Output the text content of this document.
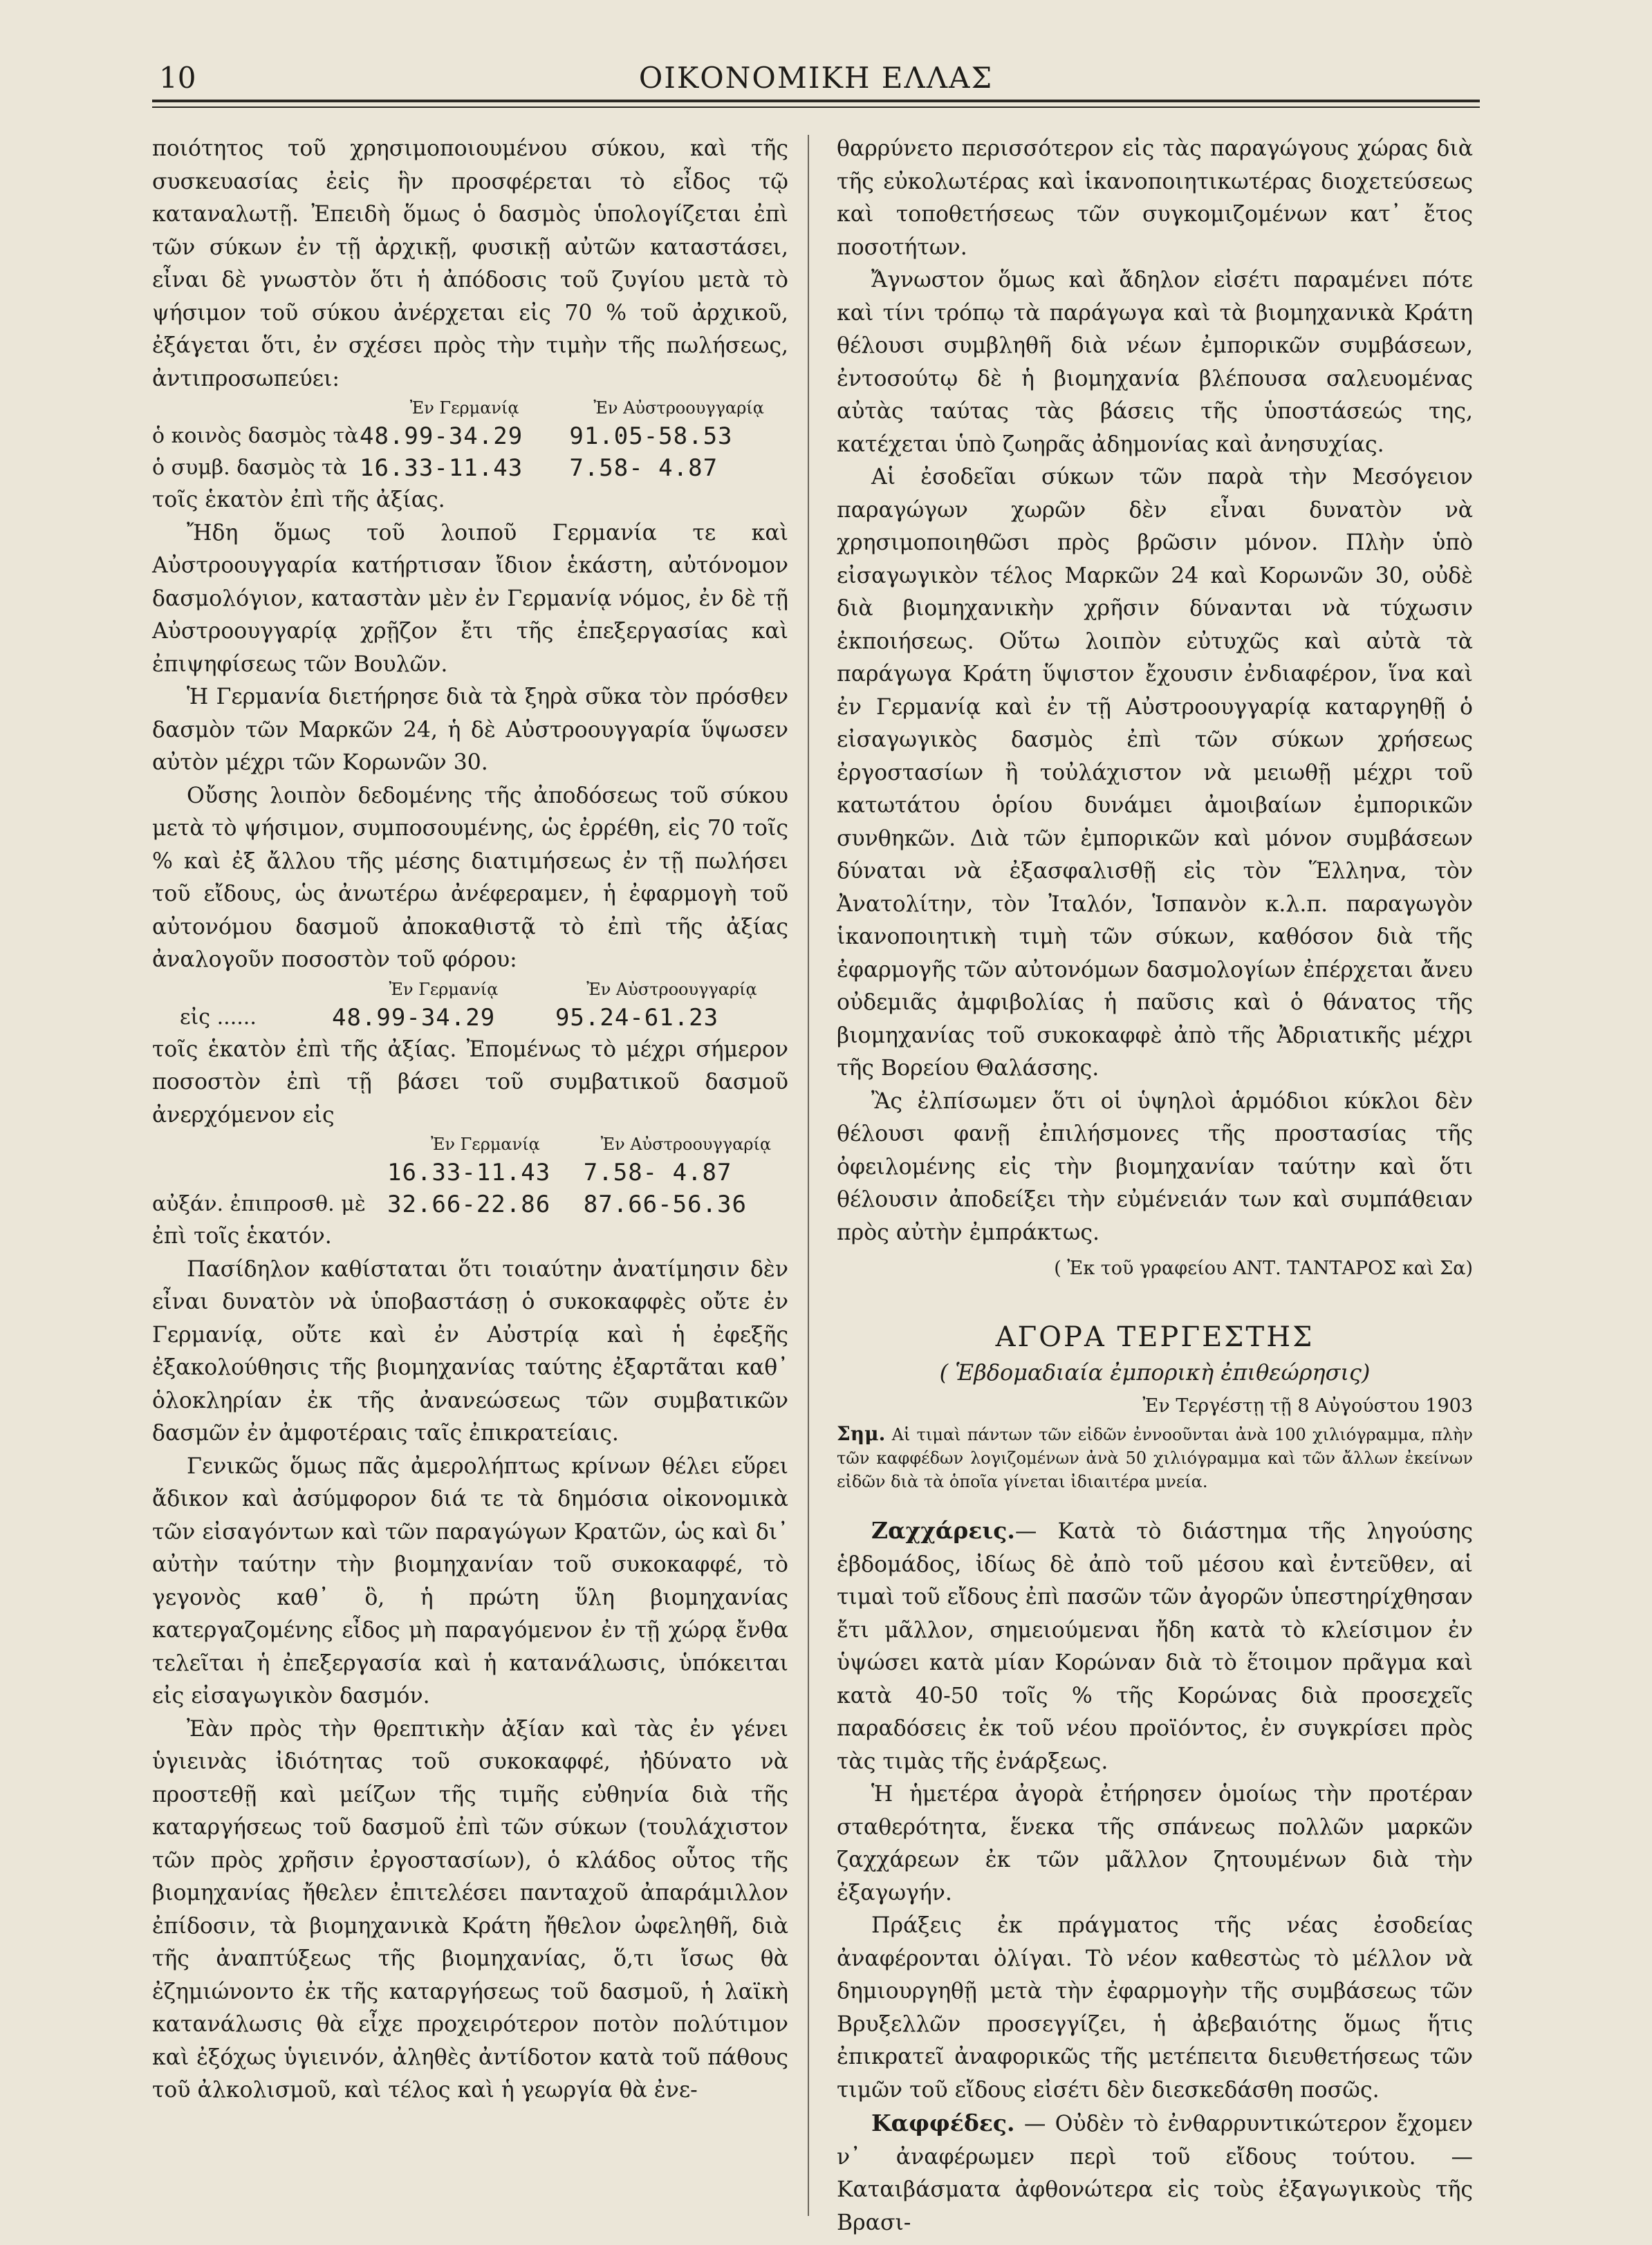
10	ΟΙΚΟΝΟΜΙΚΗ ΕΛΛΑΣ

ποιότητος τοῦ χρησιμοποιουμένου σύκου, καὶ τῆς συσκευασίας ἐεἰς ἣν προσφέρεται τὸ εἶδος τῷ καταναλωτῇ. Ἐπειδὴ ὅμως ὁ δασμὸς ὑπολογίζεται ἐπὶ τῶν σύκων ἐν τῇ ἀρχικῇ, φυσικῇ αὐτῶν καταστάσει, εἶναι δὲ γνωστὸν ὅτι ἡ ἀπόδοσις τοῦ ζυγίου μετὰ τὸ ψήσιμον τοῦ σύκου ἀνέρχεται εἰς 70 % τοῦ ἀρχικοῦ, ἐξάγεται ὅτι, ἐν σχέσει πρὸς τὴν τιμὴν τῆς πωλήσεως, ἀντιπροσωπεύει:

	Ἐν Γερμανίᾳ	Ἐν Αὐστροουγγαρίᾳ
ὁ κοινὸς δασμὸς τὰ	48.99-34.29	91.05-58.53
ὁ συμβ. δασμὸς τὰ	16.33-11.43	7.58- 4.87

τοῖς ἑκατὸν ἐπὶ τῆς ἀξίας.

Ἤδη ὅμως τοῦ λοιποῦ Γερμανία τε καὶ Αὐστροουγγαρία κατήρτισαν ἴδιον ἑκάστη, αὐτόνομον δασμολόγιον, καταστὰν μὲν ἐν Γερμανίᾳ νόμος, ἐν δὲ τῇ Αὐστροουγγαρίᾳ χρῇζον ἔτι τῆς ἐπεξεργασίας καὶ ἐπιψηφίσεως τῶν Βουλῶν.

Ἡ Γερμανία διετήρησε διὰ τὰ ξηρὰ σῦκα τὸν πρόσθεν δασμὸν τῶν Μαρκῶν 24, ἡ δὲ Αὐστροουγγαρία ὕψωσεν αὐτὸν μέχρι τῶν Κορωνῶν 30.

Οὔσης λοιπὸν δεδομένης τῆς ἀποδόσεως τοῦ σύκου μετὰ τὸ ψήσιμον, συμποσουμένης, ὡς ἐρρέθη, εἰς 70 τοῖς % καὶ ἐξ ἄλλου τῆς μέσης διατιμήσεως ἐν τῇ πωλήσει τοῦ εἴδους, ὡς ἀνωτέρω ἀνέφεραμεν, ἡ ἐφαρμογὴ τοῦ αὐτονόμου δασμοῦ ἀποκαθιστᾷ τὸ ἐπὶ τῆς ἀξίας ἀναλογοῦν ποσοστὸν τοῦ φόρου:

	Ἐν Γερμανίᾳ	Ἐν Αὐστροουγγαρίᾳ
εἰς ......	48.99-34.29	95.24-61.23

τοῖς ἑκατὸν ἐπὶ τῆς ἀξίας. Ἐπομένως τὸ μέχρι σήμερον ποσοστὸν ἐπὶ τῇ βάσει τοῦ συμβατικοῦ δασμοῦ ἀνερχόμενον εἰς

	Ἐν Γερμανίᾳ	Ἐν Αὐστροουγγαρίᾳ
	16.33-11.43	7.58- 4.87
αὐξάν. ἐπιπροσθ. μὲ	32.66-22.86	87.66-56.36

ἐπὶ τοῖς ἑκατόν.

Πασίδηλον καθίσταται ὅτι τοιαύτην ἀνατίμησιν δὲν εἶναι δυνατὸν νὰ ὑποβαστάσῃ ὁ συκοκαφφὲς οὔτε ἐν Γερμανίᾳ, οὔτε καὶ ἐν Αὐστρίᾳ καὶ ἡ ἐφεξῆς ἐξακολούθησις τῆς βιομηχανίας ταύτης ἐξαρτᾶται καθ᾽ ὁλοκληρίαν ἐκ τῆς ἀνανεώσεως τῶν συμβατικῶν δασμῶν ἐν ἀμφοτέραις ταῖς ἐπικρατείαις.

Γενικῶς ὅμως πᾶς ἀμερολήπτως κρίνων θέλει εὕρει ἄδικον καὶ ἀσύμφορον διά τε τὰ δημόσια οἰκονομικὰ τῶν εἰσαγόντων καὶ τῶν παραγώγων Κρατῶν, ὡς καὶ δι᾽ αὐτὴν ταύτην τὴν βιομηχανίαν τοῦ συκοκαφφέ, τὸ γεγονὸς καθ᾽ ὃ, ἡ πρώτη ὕλη βιομηχανίας κατεργαζομένης εἶδος μὴ παραγόμενον ἐν τῇ χώρᾳ ἔνθα τελεῖται ἡ ἐπεξεργασία καὶ ἡ κατανάλωσις, ὑπόκειται εἰς εἰσαγωγικὸν δασμόν.

Ἐὰν πρὸς τὴν θρεπτικὴν ἀξίαν καὶ τὰς ἐν γένει ὑγιεινὰς ἰδιότητας τοῦ συκοκαφφέ, ἠδύνατο νὰ προστεθῇ καὶ μείζων τῆς τιμῆς εὐθηνία διὰ τῆς καταργήσεως τοῦ δασμοῦ ἐπὶ τῶν σύκων (τουλάχιστον τῶν πρὸς χρῆσιν ἐργοστασίων), ὁ κλάδος οὗτος τῆς βιομηχανίας ἤθελεν ἐπιτελέσει πανταχοῦ ἀπαράμιλλον ἐπίδοσιν, τὰ βιομηχανικὰ Κράτη ἤθελον ὠφεληθῆ, διὰ τῆς ἀναπτύξεως τῆς βιομηχανίας, ὅ,τι ἴσως θὰ ἐζημιώνοντο ἐκ τῆς καταργήσεως τοῦ δασμοῦ, ἡ λαϊκὴ κατανάλωσις θὰ εἶχε προχειρότερον ποτὸν πολύτιμον καὶ ἐξόχως ὑγιεινόν, ἀληθὲς ἀντίδοτον κατὰ τοῦ πάθους τοῦ ἀλκολισμοῦ, καὶ τέλος καὶ ἡ γεωργία θὰ ἐνε-

θαρρύνετο περισσότερον εἰς τὰς παραγώγους χώρας διὰ τῆς εὐκολωτέρας καὶ ἱκανοποιητικωτέρας διοχετεύσεως καὶ τοποθετήσεως τῶν συγκομιζομένων κατ᾽ ἔτος ποσοτήτων.

Ἄγνωστον ὅμως καὶ ἄδηλον εἰσέτι παραμένει πότε καὶ τίνι τρόπῳ τὰ παράγωγα καὶ τὰ βιομηχανικὰ Κράτη θέλουσι συμβληθῆ διὰ νέων ἐμπορικῶν συμβάσεων, ἐντοσούτῳ δὲ ἡ βιομηχανία βλέπουσα σαλευομένας αὐτὰς ταύτας τὰς βάσεις τῆς ὑποστάσεώς της, κατέχεται ὑπὸ ζωηρᾶς ἀδημονίας καὶ ἀνησυχίας.

Αἱ ἐσοδεῖαι σύκων τῶν παρὰ τὴν Μεσόγειον παραγώγων χωρῶν δὲν εἶναι δυνατὸν νὰ χρησιμοποιηθῶσι πρὸς βρῶσιν μόνον. Πλὴν ὑπὸ εἰσαγωγικὸν τέλος Μαρκῶν 24 καὶ Κορωνῶν 30, οὐδὲ διὰ βιομηχανικὴν χρῆσιν δύνανται νὰ τύχωσιν ἐκποιήσεως. Οὕτω λοιπὸν εὐτυχῶς καὶ αὐτὰ τὰ παράγωγα Κράτη ὕψιστον ἔχουσιν ἐνδιαφέρον, ἵνα καὶ ἐν Γερμανίᾳ καὶ ἐν τῇ Αὐστροουγγαρίᾳ καταργηθῇ ὁ εἰσαγωγικὸς δασμὸς ἐπὶ τῶν σύκων χρήσεως ἐργοστασίων ἢ τοὐλάχιστον νὰ μειωθῇ μέχρι τοῦ κατωτάτου ὁρίου δυνάμει ἀμοιβαίων ἐμπορικῶν συνθηκῶν. Διὰ τῶν ἐμπορικῶν καὶ μόνον συμβάσεων δύναται νὰ ἐξασφαλισθῇ εἰς τὸν Ἕλληνα, τὸν Ἀνατολίτην, τὸν Ἰταλόν, Ἱσπανὸν κ.λ.π. παραγωγὸν ἱκανοποιητικὴ τιμὴ τῶν σύκων, καθόσον διὰ τῆς ἐφαρμογῆς τῶν αὐτονόμων δασμολογίων ἐπέρχεται ἄνευ οὐδεμιᾶς ἀμφιβολίας ἡ παῦσις καὶ ὁ θάνατος τῆς βιομηχανίας τοῦ συκοκαφφὲ ἀπὸ τῆς Ἀδριατικῆς μέχρι τῆς Βορείου Θαλάσσης.

Ἂς ἐλπίσωμεν ὅτι οἱ ὑψηλοὶ ἁρμόδιοι κύκλοι δὲν θέλουσι φανῇ ἐπιλήσμονες τῆς προστασίας τῆς ὀφειλομένης εἰς τὴν βιομηχανίαν ταύτην καὶ ὅτι θέλουσιν ἀποδείξει τὴν εὐμένειάν των καὶ συμπάθειαν πρὸς αὐτὴν ἐμπράκτως.

( Ἐκ τοῦ γραφείου ΑΝΤ. ΤΑΝΤΑΡΟΣ καὶ Σα)

ΑΓΟΡΑ ΤΕΡΓΕΣΤΗΣ

( Ἑβδομαδιαία ἐμπορικὴ ἐπιθεώρησις)

Ἐν Τεργέστῃ τῇ 8 Αὐγούστου 1903

Σημ. Αἱ τιμαὶ πάντων τῶν εἰδῶν ἐννοοῦνται ἀνὰ 100 χιλιόγραμμα, πλὴν τῶν καφφέδων λογιζομένων ἀνὰ 50 χιλιόγραμμα καὶ τῶν ἄλλων ἐκείνων εἰδῶν διὰ τὰ ὁποῖα γίνεται ἰδιαιτέρα μνεία.

Ζαχχάρεις.— Κατὰ τὸ διάστημα τῆς ληγούσης ἑβδομάδος, ἰδίως δὲ ἀπὸ τοῦ μέσου καὶ ἐντεῦθεν, αἱ τιμαὶ τοῦ εἴδους ἐπὶ πασῶν τῶν ἀγορῶν ὑπεστηρίχθησαν ἔτι μᾶλλον, σημειούμεναι ἤδη κατὰ τὸ κλείσιμον ἐν ὑψώσει κατὰ μίαν Κορώναν διὰ τὸ ἕτοιμον πρᾶγμα καὶ κατὰ 40-50 τοῖς % τῆς Κορώνας διὰ προσεχεῖς παραδόσεις ἐκ τοῦ νέου προϊόντος, ἐν συγκρίσει πρὸς τὰς τιμὰς τῆς ἐνάρξεως.

Ἡ ἡμετέρα ἀγορὰ ἐτήρησεν ὁμοίως τὴν προτέραν σταθερότητα, ἕνεκα τῆς σπάνεως πολλῶν μαρκῶν ζαχχάρεων ἐκ τῶν μᾶλλον ζητουμένων διὰ τὴν ἐξαγωγήν.

Πράξεις ἐκ πράγματος τῆς νέας ἐσοδείας ἀναφέρονται ὀλίγαι. Τὸ νέον καθεστὼς τὸ μέλλον νὰ δημιουργηθῇ μετὰ τὴν ἐφαρμογὴν τῆς συμβάσεως τῶν Βρυξελλῶν προσεγγίζει, ἡ ἀβεβαιότης ὅμως ἥτις ἐπικρατεῖ ἀναφορικῶς τῆς μετέπειτα διευθετήσεως τῶν τιμῶν τοῦ εἴδους εἰσέτι δὲν διεσκεδάσθη ποσῶς.

Καφφέδες. — Οὐδὲν τὸ ἐνθαρρυντικώτερον ἔχομεν ν᾽ ἀναφέρωμεν περὶ τοῦ εἴδους τούτου. — Καταιβάσματα ἀφθονώτερα εἰς τοὺς ἐξαγωγικοὺς τῆς Βρασι-
